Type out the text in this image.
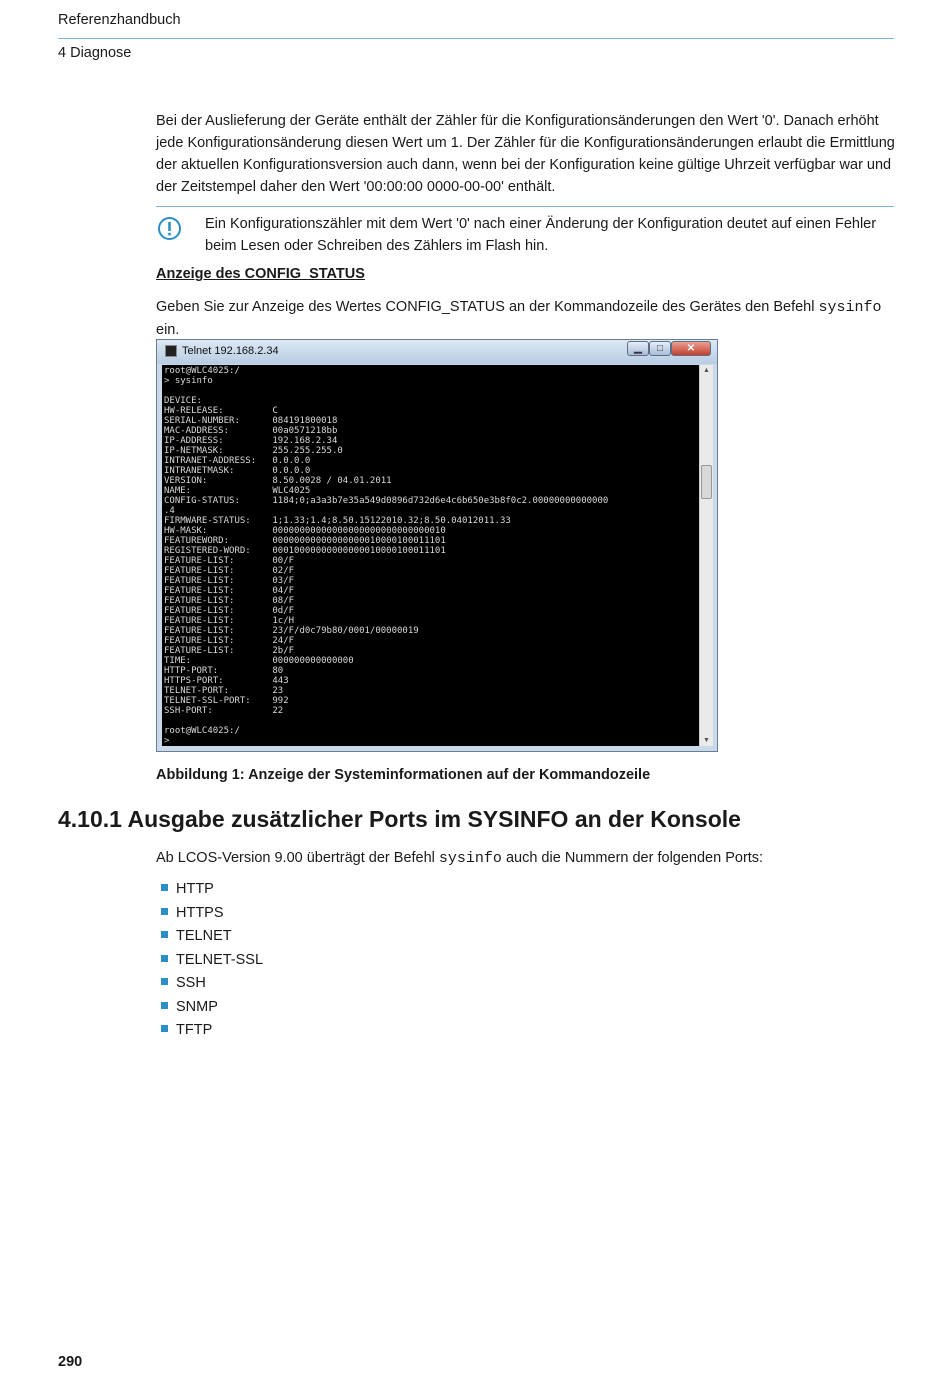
Referenzhandbuch
4 Diagnose
Bei der Auslieferung der Geräte enthält der Zähler für die Konfigurationsänderungen den Wert '0'. Danach erhöht jede Konfigurationsänderung diesen Wert um 1. Der Zähler für die Konfigurationsänderungen erlaubt die Ermittlung der aktuellen Konfigurationsversion auch dann, wenn bei der Konfiguration keine gültige Uhrzeit verfügbar war und der Zeitstempel daher den Wert '00:00:00 0000-00-00' enthält.
Ein Konfigurationszähler mit dem Wert '0' nach einer Änderung der Konfiguration deutet auf einen Fehler beim Lesen oder Schreiben des Zählers im Flash hin.
Anzeige des CONFIG_STATUS
Geben Sie zur Anzeige des Wertes CONFIG_STATUS an der Kommandozeile des Gerätes den Befehl sysinfo ein.
Telnet 192.168.2.34	▁	□	✕
root@WLC4025:/
> sysinfo

DEVICE:
HW-RELEASE:         C
SERIAL-NUMBER:      084191800018
MAC-ADDRESS:        00a0571218bb
IP-ADDRESS:         192.168.2.34
IP-NETMASK:         255.255.255.0
INTRANET-ADDRESS:   0.0.0.0
INTRANETMASK:       0.0.0.0
VERSION:            8.50.0028 / 04.01.2011
NAME:               WLC4025
CONFIG-STATUS:      1184;0;a3a3b7e35a549d0896d732d6e4c6b650e3b8f0c2.00000000000000
.4
FIRMWARE-STATUS:    1;1.33;1.4;8.50.15122010.32;8.50.04012011.33
HW-MASK:            00000000000000000000000000000010
FEATUREWORD:        00000000000000000010000100011101
REGISTERED-WORD:    00010000000000000010000100011101
FEATURE-LIST:       00/F
FEATURE-LIST:       02/F
FEATURE-LIST:       03/F
FEATURE-LIST:       04/F
FEATURE-LIST:       08/F
FEATURE-LIST:       0d/F
FEATURE-LIST:       1c/H
FEATURE-LIST:       23/F/d0c79b80/0001/00000019
FEATURE-LIST:       24/F
FEATURE-LIST:       2b/F
TIME:               000000000000000
HTTP-PORT:          80
HTTPS-PORT:         443
TELNET-PORT:        23
TELNET-SSL-PORT:    992
SSH-PORT:           22

root@WLC4025:/
>
▲
▼
Abbildung 1: Anzeige der Systeminformationen auf der Kommandozeile
4.10.1 Ausgabe zusätzlicher Ports im SYSINFO an der Konsole
Ab LCOS-Version 9.00 überträgt der Befehl sysinfo auch die Nummern der folgenden Ports:
HTTP
HTTPS
TELNET
TELNET-SSL
SSH
SNMP
TFTP
290
